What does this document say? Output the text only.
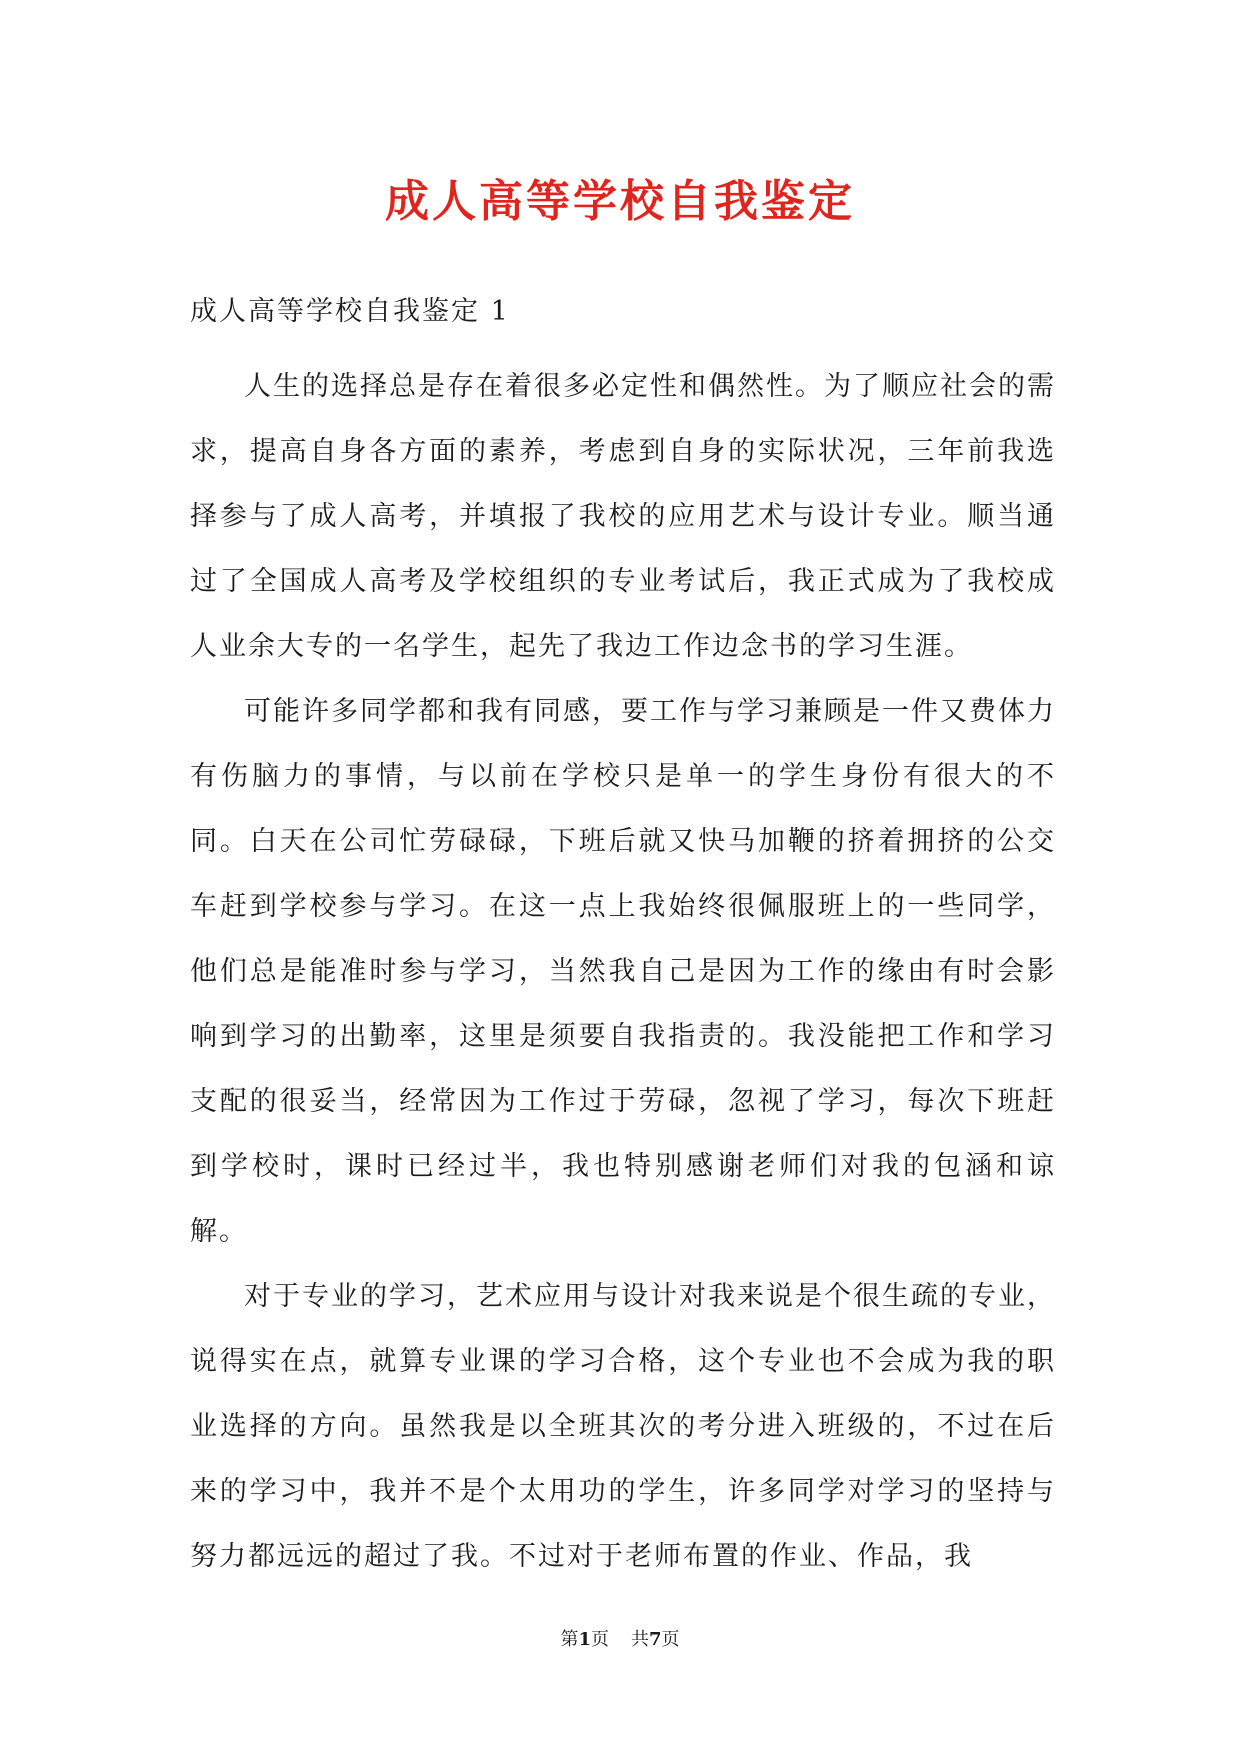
成人高等学校自我鉴定
成人高等学校自我鉴定 1

人生的选择总是存在着很多必定性和偶然性。为了顺应社会的需求，提高自身各方面的素养，考虑到自身的实际状况，三年前我选择参与了成人高考，并填报了我校的应用艺术与设计专业。顺当通过了全国成人高考及学校组织的专业考试后，我正式成为了我校成人业余大专的一名学生，起先了我边工作边念书的学习生涯。

可能许多同学都和我有同感，要工作与学习兼顾是一件又费体力有伤脑力的事情，与以前在学校只是单一的学生身份有很大的不同。白天在公司忙劳碌碌，下班后就又快马加鞭的挤着拥挤的公交车赶到学校参与学习。在这一点上我始终很佩服班上的一些同学，他们总是能准时参与学习，当然我自己是因为工作的缘由有时会影响到学习的出勤率，这里是须要自我指责的。我没能把工作和学习支配的很妥当，经常因为工作过于劳碌，忽视了学习，每次下班赶到学校时，课时已经过半，我也特别感谢老师们对我的包涵和谅解。

对于专业的学习，艺术应用与设计对我来说是个很生疏的专业，说得实在点，就算专业课的学习合格，这个专业也不会成为我的职业选择的方向。虽然我是以全班其次的考分进入班级的，不过在后来的学习中，我并不是个太用功的学生，许多同学对学习的坚持与努力都远远的超过了我。不过对于老师布置的作业、作品，我

第1页 共7页
